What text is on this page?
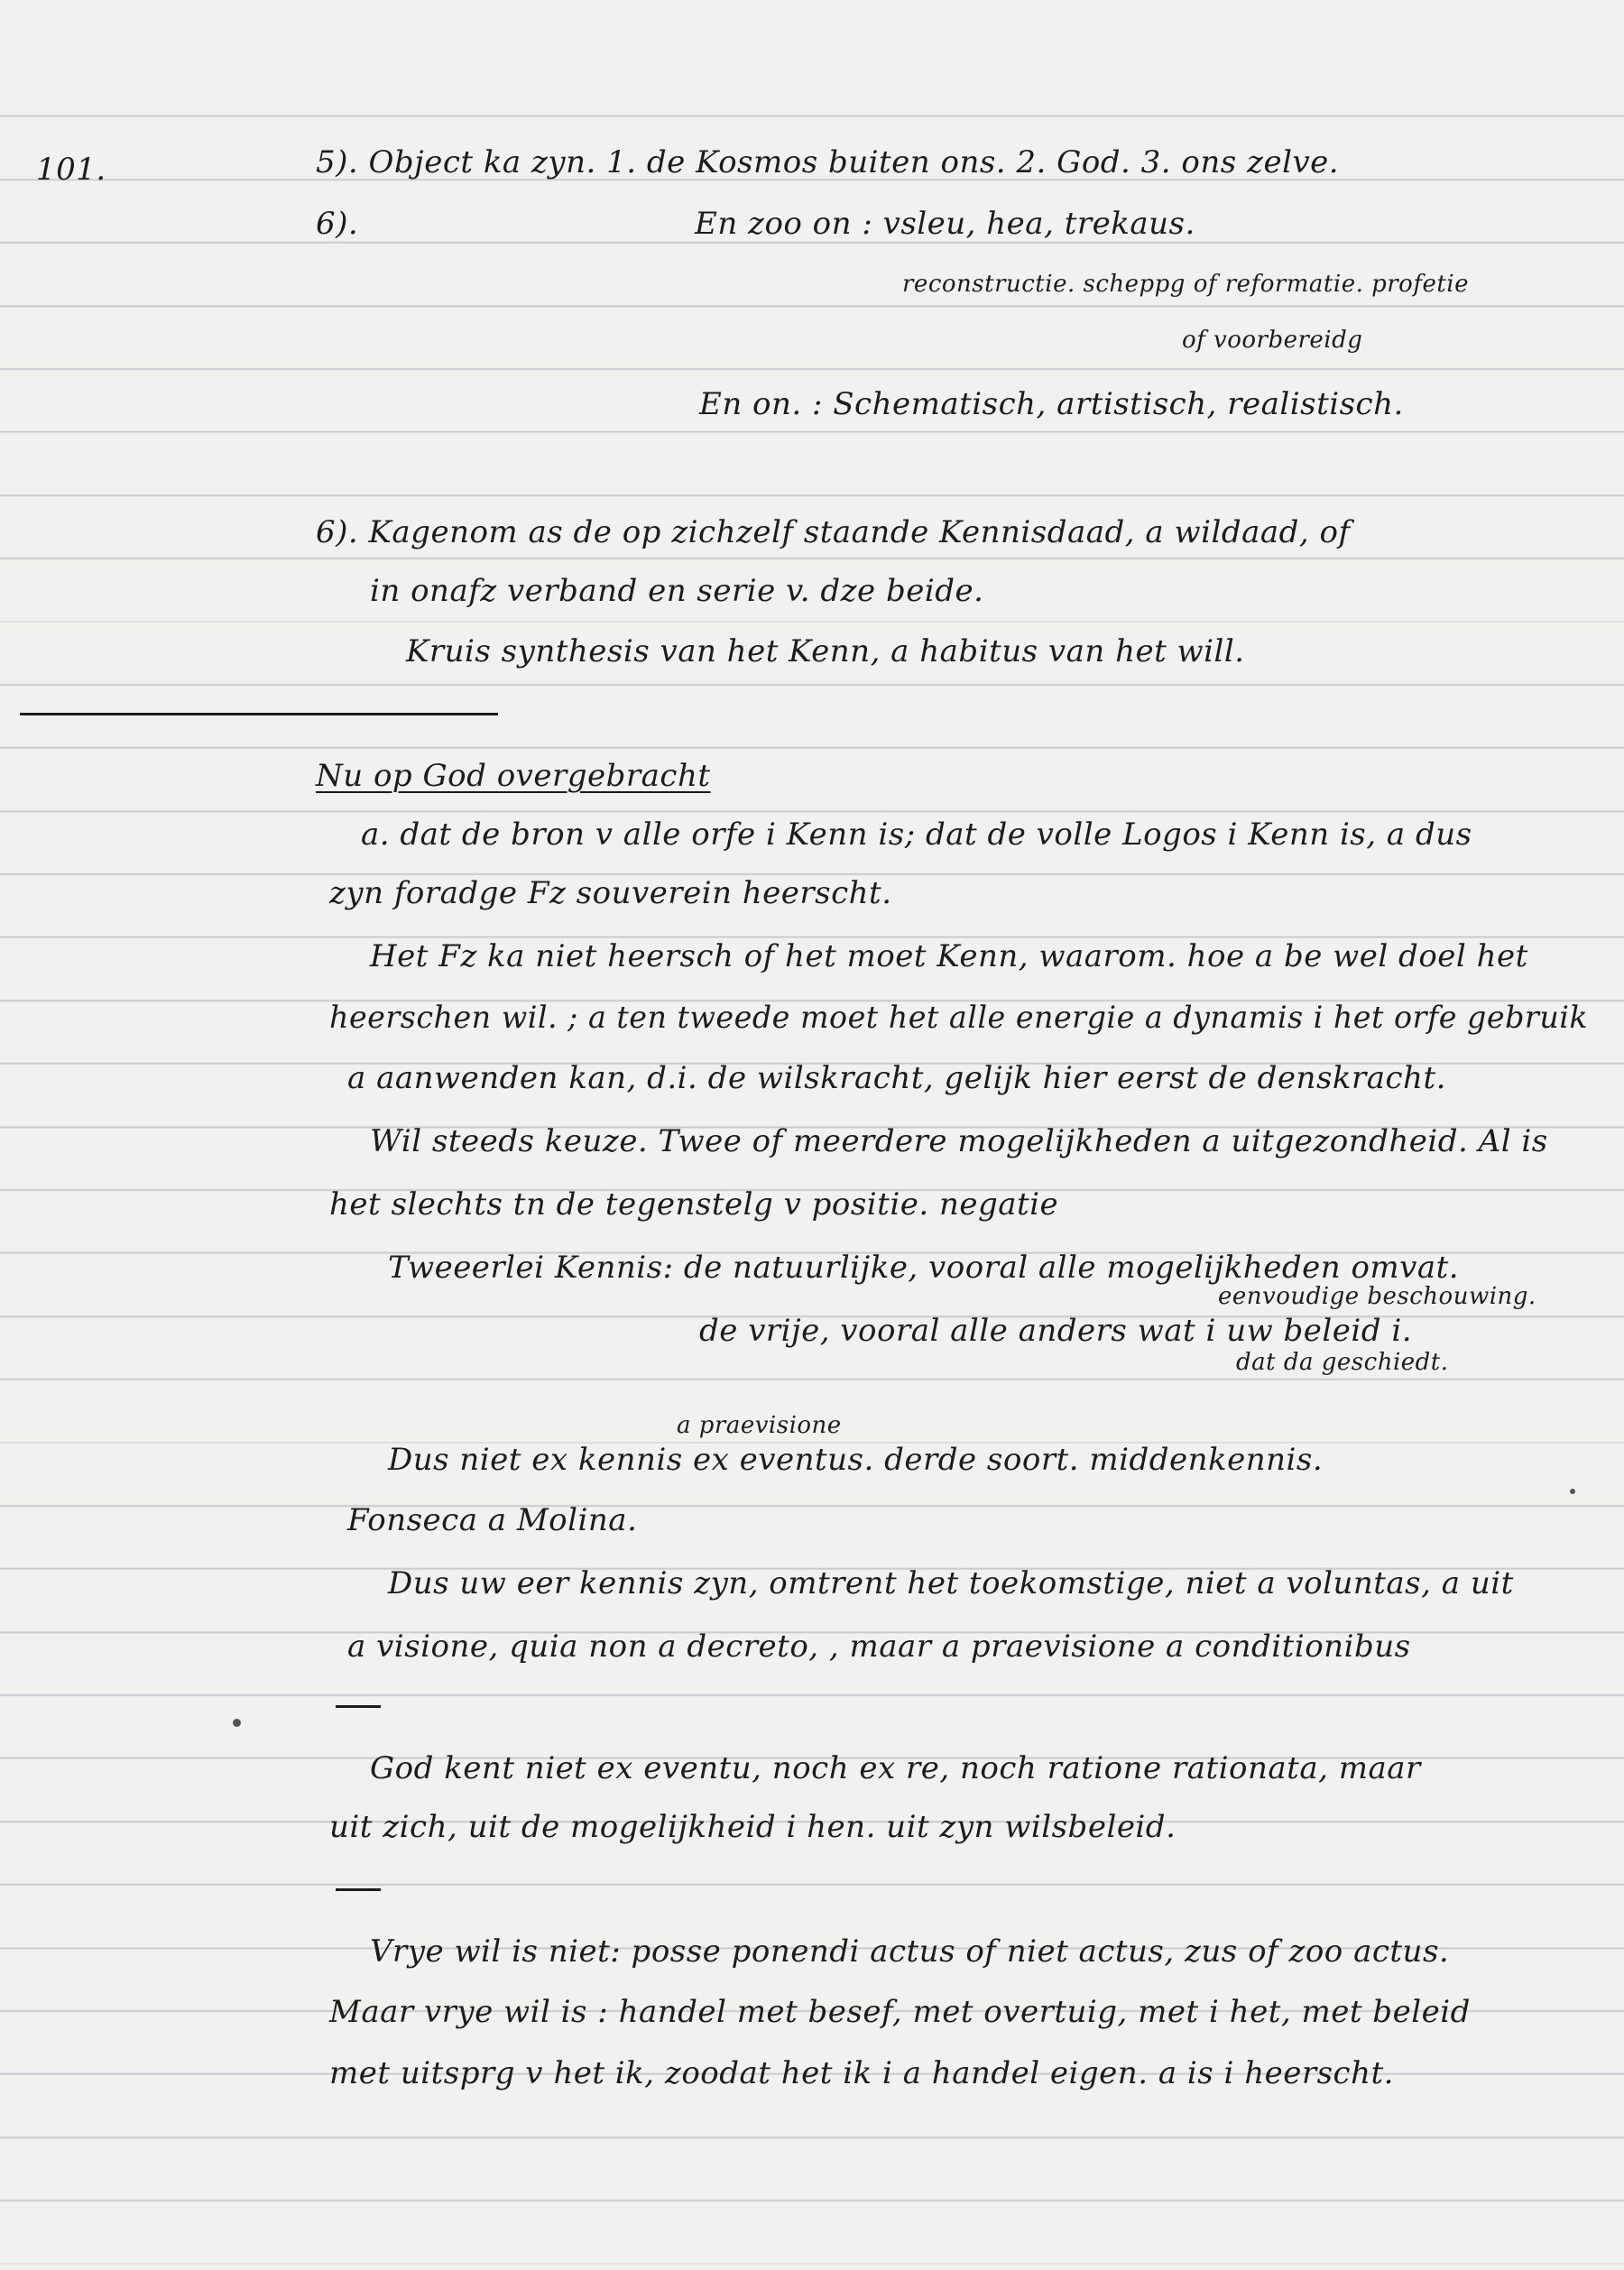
101.	5). Object ka zyn. 1. de Kosmos buiten ons. 2. God. 3. ons zelve.
6).	En zoo on : vsleu, hea, trekaus.
reconstructie. scheppg of reformatie. profetie
of voorbereidg
En on. : Schematisch, artistisch, realistisch.
6). Kagenom as de op zichzelf staande Kennisdaad, a wildaad, of
in onafz verband en serie v. dze beide.
Kruis synthesis van het Kenn, a habitus van het will.
Nu op God overgebracht
a. dat de bron v alle orfe i Kenn is; dat de volle Logos i Kenn is, a dus
zyn foradge Fz souverein heerscht.
Het Fz ka niet heersch of het moet Kenn, waarom. hoe a be wel doel het
heerschen wil. ; a ten tweede moet het alle energie a dynamis i het orfe gebruik
a aanwenden kan, d.i. de wilskracht, gelijk hier eerst de denskracht.
Wil steeds keuze. Twee of meerdere mogelijkheden a uitgezondheid. Al is
het slechts tn de tegenstelg v positie. negatie
Tweeerlei Kennis: de natuurlijke, vooral alle mogelijkheden omvat.
eenvoudige beschouwing.
de vrije, vooral alle anders wat i uw beleid i.
dat da geschiedt.
a praevisione
Dus niet ex kennis ex eventus. derde soort. middenkennis.
Fonseca a Molina.
Dus uw eer kennis zyn, omtrent het toekomstige, niet a voluntas, a uit
a visione, quia non a decreto, , maar a praevisione a conditionibus
God kent niet ex eventu, noch ex re, noch ratione rationata, maar
uit zich, uit de mogelijkheid i hen. uit zyn wilsbeleid.
Vrye wil is niet: posse ponendi actus of niet actus, zus of zoo actus.
Maar vrye wil is : handel met besef, met overtuig, met i het, met beleid
met uitsprg v het ik, zoodat het ik i a handel eigen. a is i heerscht.
